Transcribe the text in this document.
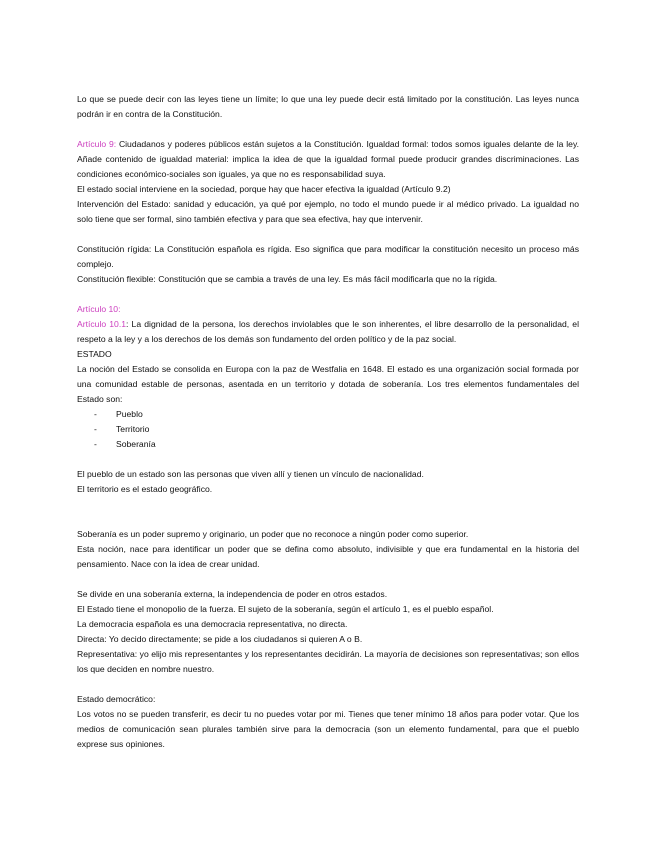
Lo que se puede decir con las leyes tiene un límite; lo que una ley puede decir está limitado por la constitución. Las leyes nunca podrán ir en contra de la Constitución.

Artículo 9: Ciudadanos y poderes públicos están sujetos a la Constitución. Igualdad formal: todos somos iguales delante de la ley. Añade contenido de igualdad material: implica la idea de que la igualdad formal puede producir grandes discriminaciones. Las condiciones económico-sociales son iguales, ya que no es responsabilidad suya.

El estado social interviene en la sociedad, porque hay que hacer efectiva la igualdad (Artículo 9.2)

Intervención del Estado: sanidad y educación, ya qué por ejemplo, no todo el mundo puede ir al médico privado. La igualdad no solo tiene que ser formal, sino también efectiva y para que sea efectiva, hay que intervenir.

Constitución rígida: La Constitución española es rígida. Eso significa que para modificar la constitución necesito un proceso más complejo.

Constitución flexible: Constitución que se cambia a través de una ley. Es más fácil modificarla que no la rígida.

Artículo 10:

Artículo 10.1: La dignidad de la persona, los derechos inviolables que le son inherentes, el libre desarrollo de la personalidad, el respeto a la ley y a los derechos de los demás son fundamento del orden político y de la paz social.

ESTADO

La noción del Estado se consolida en Europa con la paz de Westfalia en 1648. El estado es una organización social formada por una comunidad estable de personas, asentada en un territorio y dotada de soberanía. Los tres elementos fundamentales del Estado son:

- Pueblo
- Territorio
- Soberanía

El pueblo de un estado son las personas que viven allí y tienen un vínculo de nacionalidad.

El territorio es el estado geográfico.

Soberanía es un poder supremo y originario, un poder que no reconoce a ningún poder como superior.

Esta noción, nace para identificar un poder que se defina como absoluto, indivisible y que era fundamental en la historia del pensamiento. Nace con la idea de crear unidad.

Se divide en una soberanía externa, la independencia de poder en otros estados.

El Estado tiene el monopolio de la fuerza. El sujeto de la soberanía, según el artículo 1, es el pueblo español.

La democracia española es una democracia representativa, no directa.

Directa: Yo decido directamente; se pide a los ciudadanos si quieren A o B.

Representativa: yo elijo mis representantes y los representantes decidirán. La mayoría de decisiones son representativas; son ellos los que deciden en nombre nuestro.

Estado democrático:

Los votos no se pueden transferir, es decir tu no puedes votar por mi. Tienes que tener mínimo 18 años para poder votar. Que los medios de comunicación sean plurales también sirve para la democracia (son un elemento fundamental, para que el pueblo exprese sus opiniones.
